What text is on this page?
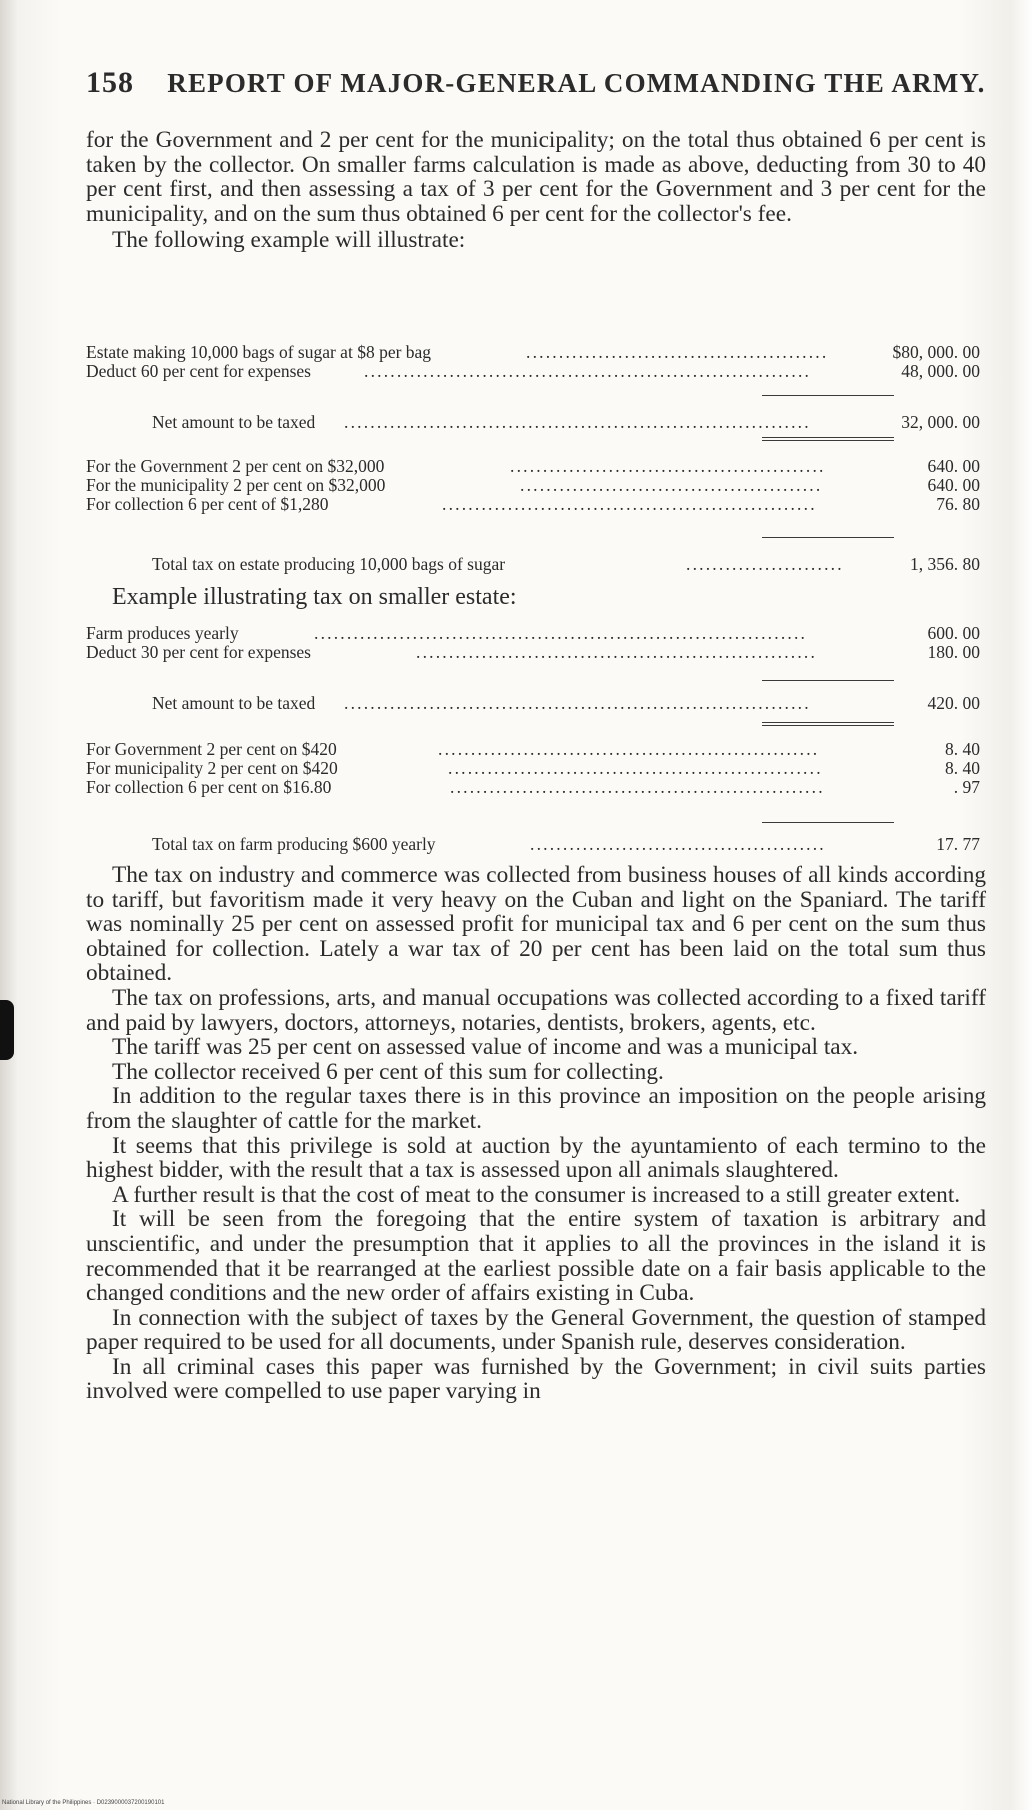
158 REPORT OF MAJOR-GENERAL COMMANDING THE ARMY.

for the Government and 2 per cent for the municipality; on the total thus obtained 6 per cent is taken by the collector. On smaller farms calculation is made as above, deducting from 30 to 40 per cent first, and then assessing a tax of 3 per cent for the Government and 3 per cent for the municipality, and on the sum thus obtained 6 per cent for the collector's fee.

The following example will illustrate:

Estate making 10,000 bags of sugar at $8 per bag	..............................................	$80, 000. 00
Deduct 60 per cent for expenses	....................................................................	48, 000. 00
Net amount to be taxed .......................................................................	32, 000. 00
For the Government 2 per cent on $32,000	................................................	640. 00
For the municipality 2 per cent on $32,000	..............................................	640. 00
For collection 6 per cent of $1,280	.........................................................	76. 80
Total tax on estate producing 10,000 bags of sugar	........................	1, 356. 80
Example illustrating tax on smaller estate:
Farm produces yearly	...........................................................................	600. 00
Deduct 30 per cent for expenses	.............................................................	180. 00
Net amount to be taxed .......................................................................	420. 00
For Government 2 per cent on $420	..........................................................	8. 40
For municipality 2 per cent on $420	.........................................................	8. 40
For collection 6 per cent on $16.80	.........................................................	. 97
Total tax on farm producing $600 yearly	.............................................	17. 77

The tax on industry and commerce was collected from business houses of all kinds according to tariff, but favoritism made it very heavy on the Cuban and light on the Spaniard. The tariff was nominally 25 per cent on assessed profit for municipal tax and 6 per cent on the sum thus obtained for collection. Lately a war tax of 20 per cent has been laid on the total sum thus obtained.

The tax on professions, arts, and manual occupations was collected according to a fixed tariff and paid by lawyers, doctors, attorneys, notaries, dentists, brokers, agents, etc.

The tariff was 25 per cent on assessed value of income and was a municipal tax.

The collector received 6 per cent of this sum for collecting.

In addition to the regular taxes there is in this province an imposition on the people arising from the slaughter of cattle for the market.

It seems that this privilege is sold at auction by the ayuntamiento of each termino to the highest bidder, with the result that a tax is assessed upon all animals slaughtered.

A further result is that the cost of meat to the consumer is increased to a still greater extent.

It will be seen from the foregoing that the entire system of taxation is arbitrary and unscientific, and under the presumption that it applies to all the provinces in the island it is recommended that it be rearranged at the earliest possible date on a fair basis applicable to the changed conditions and the new order of affairs existing in Cuba.

In connection with the subject of taxes by the General Government, the question of stamped paper required to be used for all documents, under Spanish rule, deserves consideration.

In all criminal cases this paper was furnished by the Government; in civil suits parties involved were compelled to use paper varying in

National Library of the Philippines · D0239000037200190101
